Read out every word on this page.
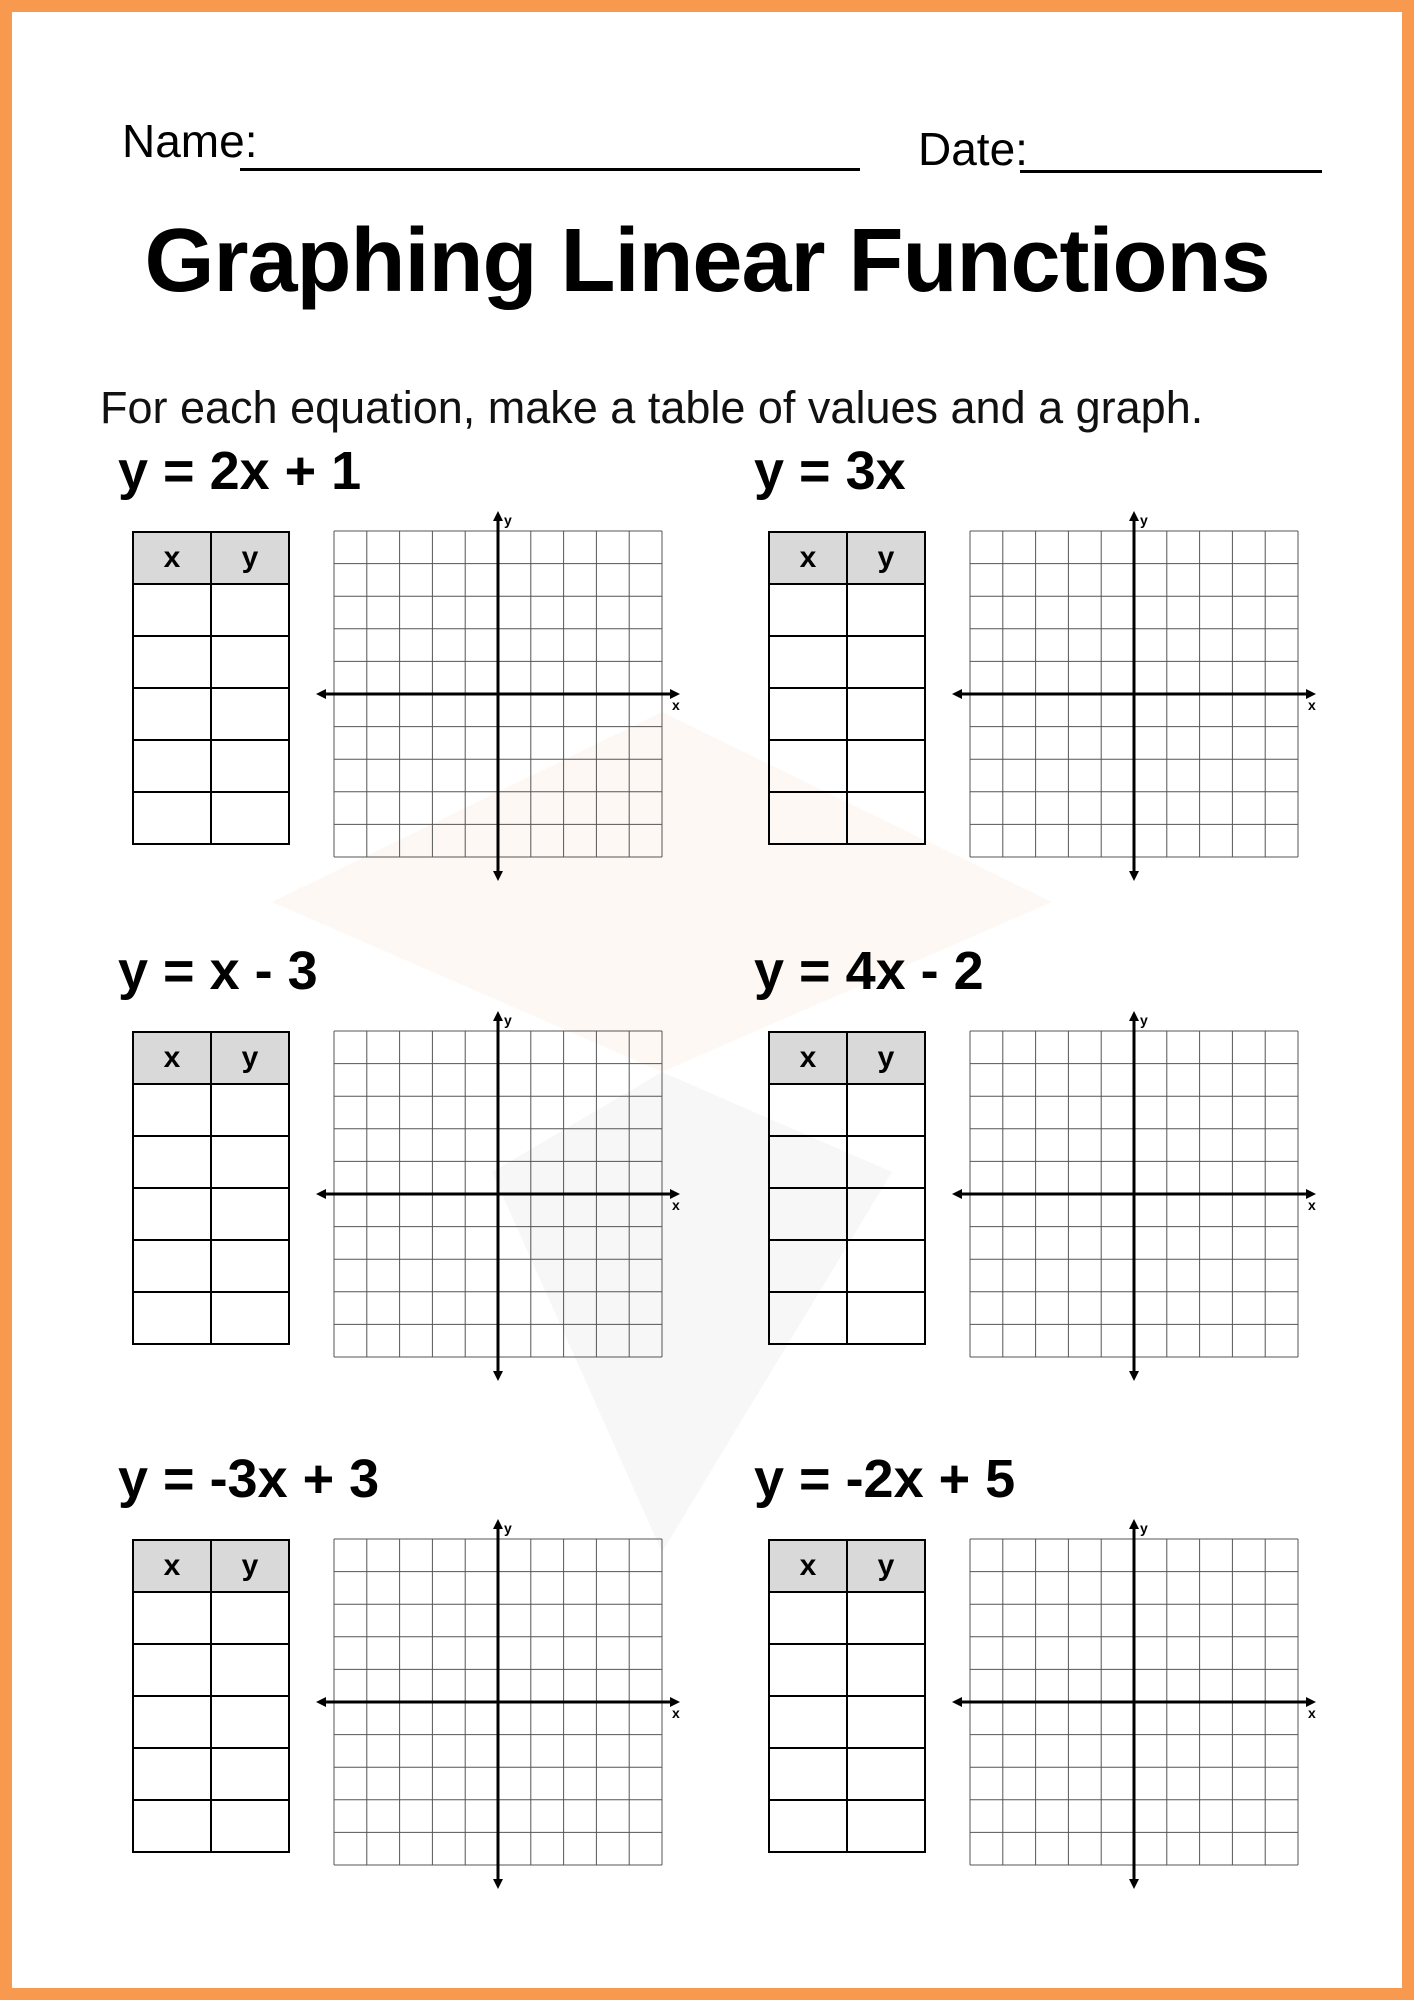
Name:	Date:
Graphing Linear Functions
For each equation, make a table of values and a graph.
y = 2x + 1
x	y

x
y
y = 3x
x	y

x
y
y = x - 3
x	y

x
y
y = 4x - 2
x	y

x
y
y = -3x + 3
x	y

x
y
y = -2x + 5
x	y

x
y
